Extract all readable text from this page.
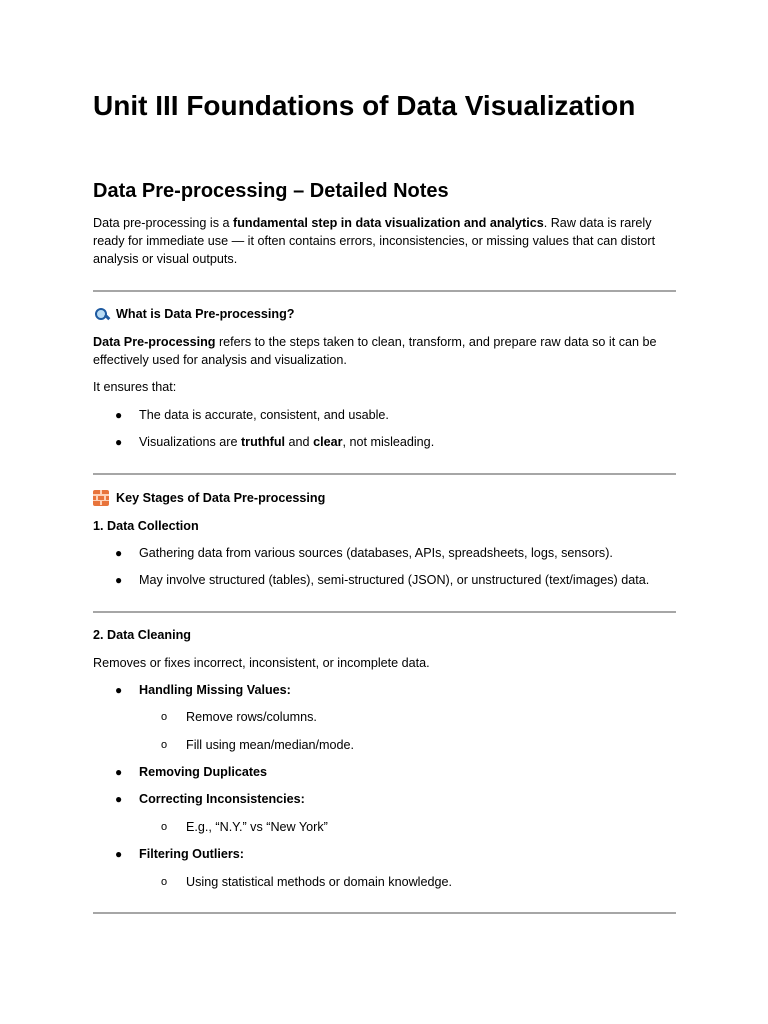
Unit III Foundations of Data Visualization
Data Pre-processing – Detailed Notes

Data pre-processing is a fundamental step in data visualization and analytics. Raw data is rarely

ready for immediate use — it often contains errors, inconsistencies, or missing values that can distort

analysis or visual outputs.

What is Data Pre-processing?

Data Pre-processing refers to the steps taken to clean, transform, and prepare raw data so it can be

effectively used for analysis and visualization.

It ensures that:

● The data is accurate, consistent, and usable.
● Visualizations are truthful and clear, not misleading.

Key Stages of Data Pre-processing

1. Data Collection

● Gathering data from various sources (databases, APIs, spreadsheets, logs, sensors).
● May involve structured (tables), semi-structured (JSON), or unstructured (text/images) data.

2. Data Cleaning

Removes or fixes incorrect, inconsistent, or incomplete data.

● Handling Missing Values:
o Remove rows/columns.
o Fill using mean/median/mode.
● Removing Duplicates
● Correcting Inconsistencies:
o E.g., “N.Y.” vs “New York”
● Filtering Outliers:
o Using statistical methods or domain knowledge.
